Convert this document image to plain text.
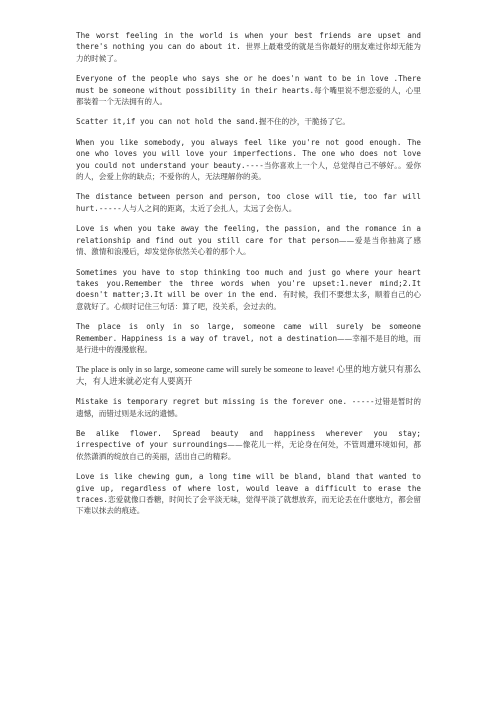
The worst feeling in the world is when your best friends are upset and there's nothing you can do about it. 世界上最难受的就是当你最好的朋友难过你却无能为力的时候了。

Everyone of the people who says she or he does'n want to be in love .There must be someone without possibility in their hearts.每个嘴里说不想恋爱的人，心里都装着一个无法拥有的人。

Scatter it,if you can not hold the sand.握不住的沙，干脆扬了它。

When you like somebody, you always feel like you're not good enough. The one who loves you will love your imperfections. The one who does not love you could not understand your beauty.----当你喜欢上一个人，总觉得自己不够好。。爱你的人，会爱上你的缺点；不爱你的人，无法理解你的美。

The distance between person and person, too close will tie, too far will hurt.-----人与人之间的距离，太近了会扎人，太远了会伤人。

Love is when you take away the feeling, the passion, and the romance in a relationship and find out you still care for that person——爱是当你抽离了感情、激情和浪漫后，却发觉你依然关心着的那个人。

Sometimes you have to stop thinking too much and just go where your heart takes you.Remember the three words when you're upset:1.never mind;2.It doesn't matter;3.It will be over in the end. 有时候，我们不要想太多，顺着自己的心意就好了。心烦时记住三句话：算了吧，没关系，会过去的。

The place is only in so large, someone came will surely be someone Remember. Happiness is a way of travel, not a destination——幸福不是目的地，而是行进中的漫漫旅程。

The place is only in so large, someone came will surely be someone to leave! 心里的地方就只有那么大，有人进来就必定有人要离开

Mistake is temporary regret but missing is the forever one. -----过错是暂时的遗憾，而错过则是永远的遗憾。

Be alike flower. Spread beauty and happiness wherever you stay; irrespective of your surroundings——像花儿一样，无论身在何处，不管周遭环境如何，都依然潇洒的绽放自己的美丽，活出自己的精彩。

Love is like chewing gum, a long time will be bland, bland that wanted to give up, regardless of where lost, would leave a difficult to erase the traces.恋爱就像口香糖，时间长了会平淡无味，觉得平淡了就想放弃，而无论丢在什麽地方，都会留下难以抹去的痕迹。
